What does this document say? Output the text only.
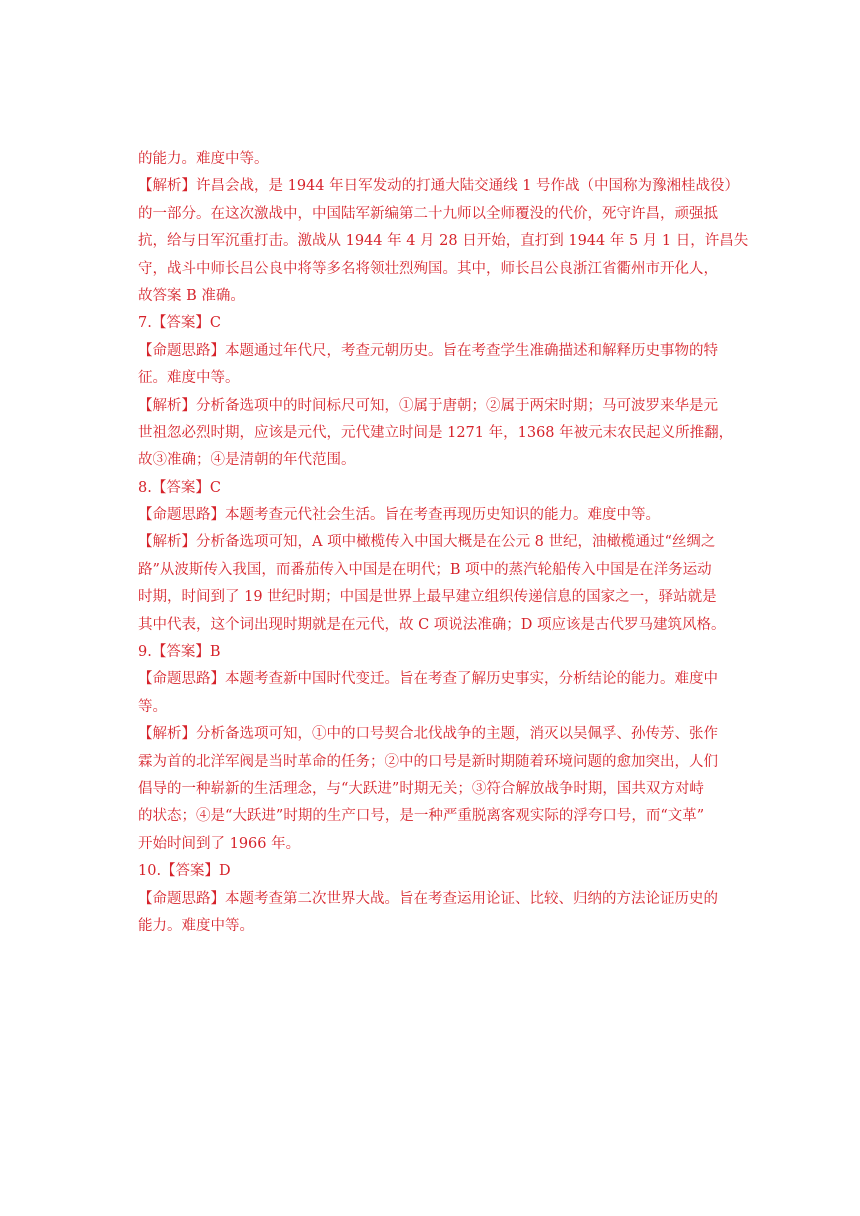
的能力。难度中等。
【解析】许昌会战，是 1944 年日军发动的打通大陆交通线 1 号作战（中国称为豫湘桂战役）
的一部分。在这次激战中，中国陆军新编第二十九师以全师覆没的代价，死守许昌，顽强抵
抗，给与日军沉重打击。激战从 1944 年 4 月 28 日开始，直打到 1944 年 5 月 1 日，许昌失
守，战斗中师长吕公良中将等多名将领壮烈殉国。其中，师长吕公良浙江省衢州市开化人，
故答案 B 准确。
7.【答案】C
【命题思路】本题通过年代尺，考查元朝历史。旨在考查学生准确描述和解释历史事物的特
征。难度中等。
【解析】分析备选项中的时间标尺可知，①属于唐朝；②属于两宋时期；马可波罗来华是元
世祖忽必烈时期，应该是元代，元代建立时间是 1271 年，1368 年被元末农民起义所推翻，
故③准确；④是清朝的年代范围。
8.【答案】C
【命题思路】本题考查元代社会生活。旨在考查再现历史知识的能力。难度中等。
【解析】分析备选项可知，A 项中橄榄传入中国大概是在公元 8 世纪，油橄榄通过“丝绸之
路”从波斯传入我国，而番茄传入中国是在明代；B 项中的蒸汽轮船传入中国是在洋务运动
时期，时间到了 19 世纪时期；中国是世界上最早建立组织传递信息的国家之一，驿站就是
其中代表，这个词出现时期就是在元代，故 C 项说法准确；D 项应该是古代罗马建筑风格。
9.【答案】B
【命题思路】本题考查新中国时代变迁。旨在考查了解历史事实，分析结论的能力。难度中
等。
【解析】分析备选项可知，①中的口号契合北伐战争的主题，消灭以吴佩孚、孙传芳、张作
霖为首的北洋军阀是当时革命的任务；②中的口号是新时期随着环境问题的愈加突出，人们
倡导的一种崭新的生活理念，与“大跃进”时期无关；③符合解放战争时期，国共双方对峙
的状态；④是“大跃进”时期的生产口号，是一种严重脱离客观实际的浮夸口号，而“文革”
开始时间到了 1966 年。
10.【答案】D
【命题思路】本题考查第二次世界大战。旨在考查运用论证、比较、归纳的方法论证历史的
能力。难度中等。
